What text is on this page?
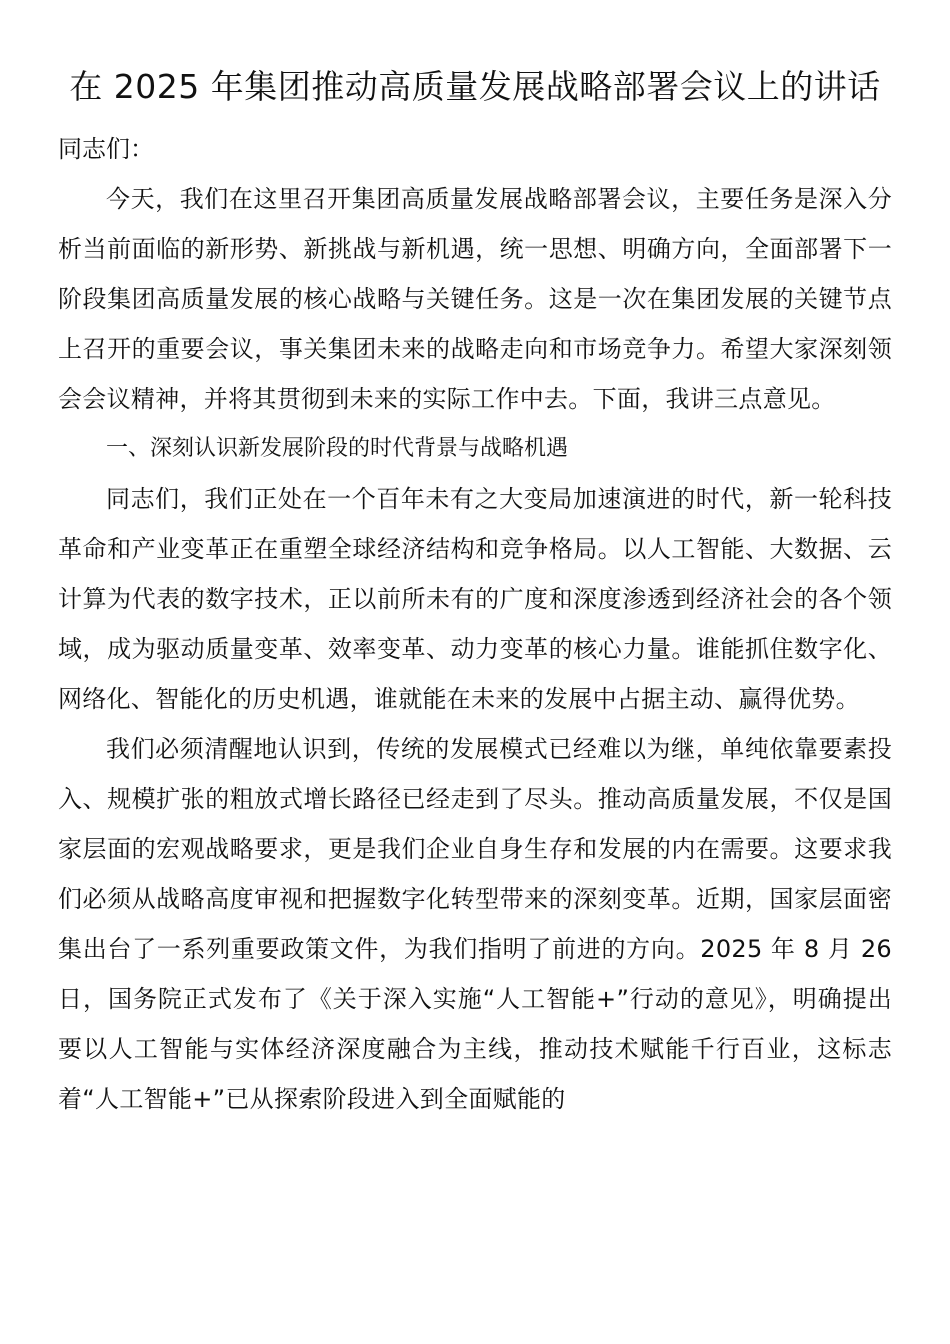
在 2025 年集团推动高质量发展战略部署会议上的讲话

同志们：

今天，我们在这里召开集团高质量发展战略部署会议，主要任务是深入分析当前面临的新形势、新挑战与新机遇，统一思想、明确方向，全面部署下一阶段集团高质量发展的核心战略与关键任务。这是一次在集团发展的关键节点上召开的重要会议，事关集团未来的战略走向和市场竞争力。希望大家深刻领会会议精神，并将其贯彻到未来的实际工作中去。下面，我讲三点意见。

一、深刻认识新发展阶段的时代背景与战略机遇

同志们，我们正处在一个百年未有之大变局加速演进的时代，新一轮科技革命和产业变革正在重塑全球经济结构和竞争格局。以人工智能、大数据、云计算为代表的数字技术，正以前所未有的广度和深度渗透到经济社会的各个领域，成为驱动质量变革、效率变革、动力变革的核心力量。谁能抓住数字化、网络化、智能化的历史机遇，谁就能在未来的发展中占据主动、赢得优势。

我们必须清醒地认识到，传统的发展模式已经难以为继，单纯依靠要素投入、规模扩张的粗放式增长路径已经走到了尽头。推动高质量发展，不仅是国家层面的宏观战略要求，更是我们企业自身生存和发展的内在需要。这要求我们必须从战略高度审视和把握数字化转型带来的深刻变革。近期，国家层面密集出台了一系列重要政策文件，为我们指明了前进的方向。2025 年 8 月 26 日，国务院正式发布了《关于深入实施“人工智能+”行动的意见》，明确提出要以人工智能与实体经济深度融合为主线，推动技术赋能千行百业，这标志着“人工智能+”已从探索阶段进入到全面赋能的
